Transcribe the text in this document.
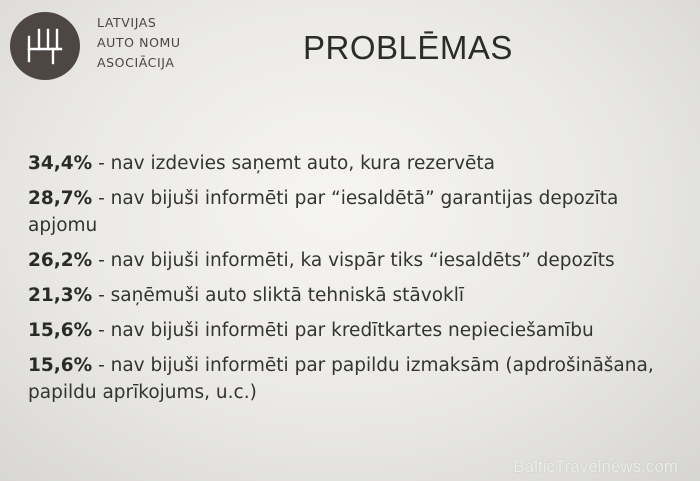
LATVIJAS
AUTO NOMU
ASOCIĀCIJA	PROBLĒMAS
34,4% - nav izdevies saņemt auto, kura rezervēta
28,7% - nav bijuši informēti par “iesaldētā” garantijas depozīta apjomu
26,2% - nav bijuši informēti, ka vispār tiks “iesaldēts” depozīts
21,3% - saņēmuši auto sliktā tehniskā stāvoklī
15,6% - nav bijuši informēti par kredītkartes nepieciešamību
15,6% - nav bijuši informēti par papildu izmaksām (apdrošināšana, papildu aprīkojums, u.c.)
BalticTravelnews.com
